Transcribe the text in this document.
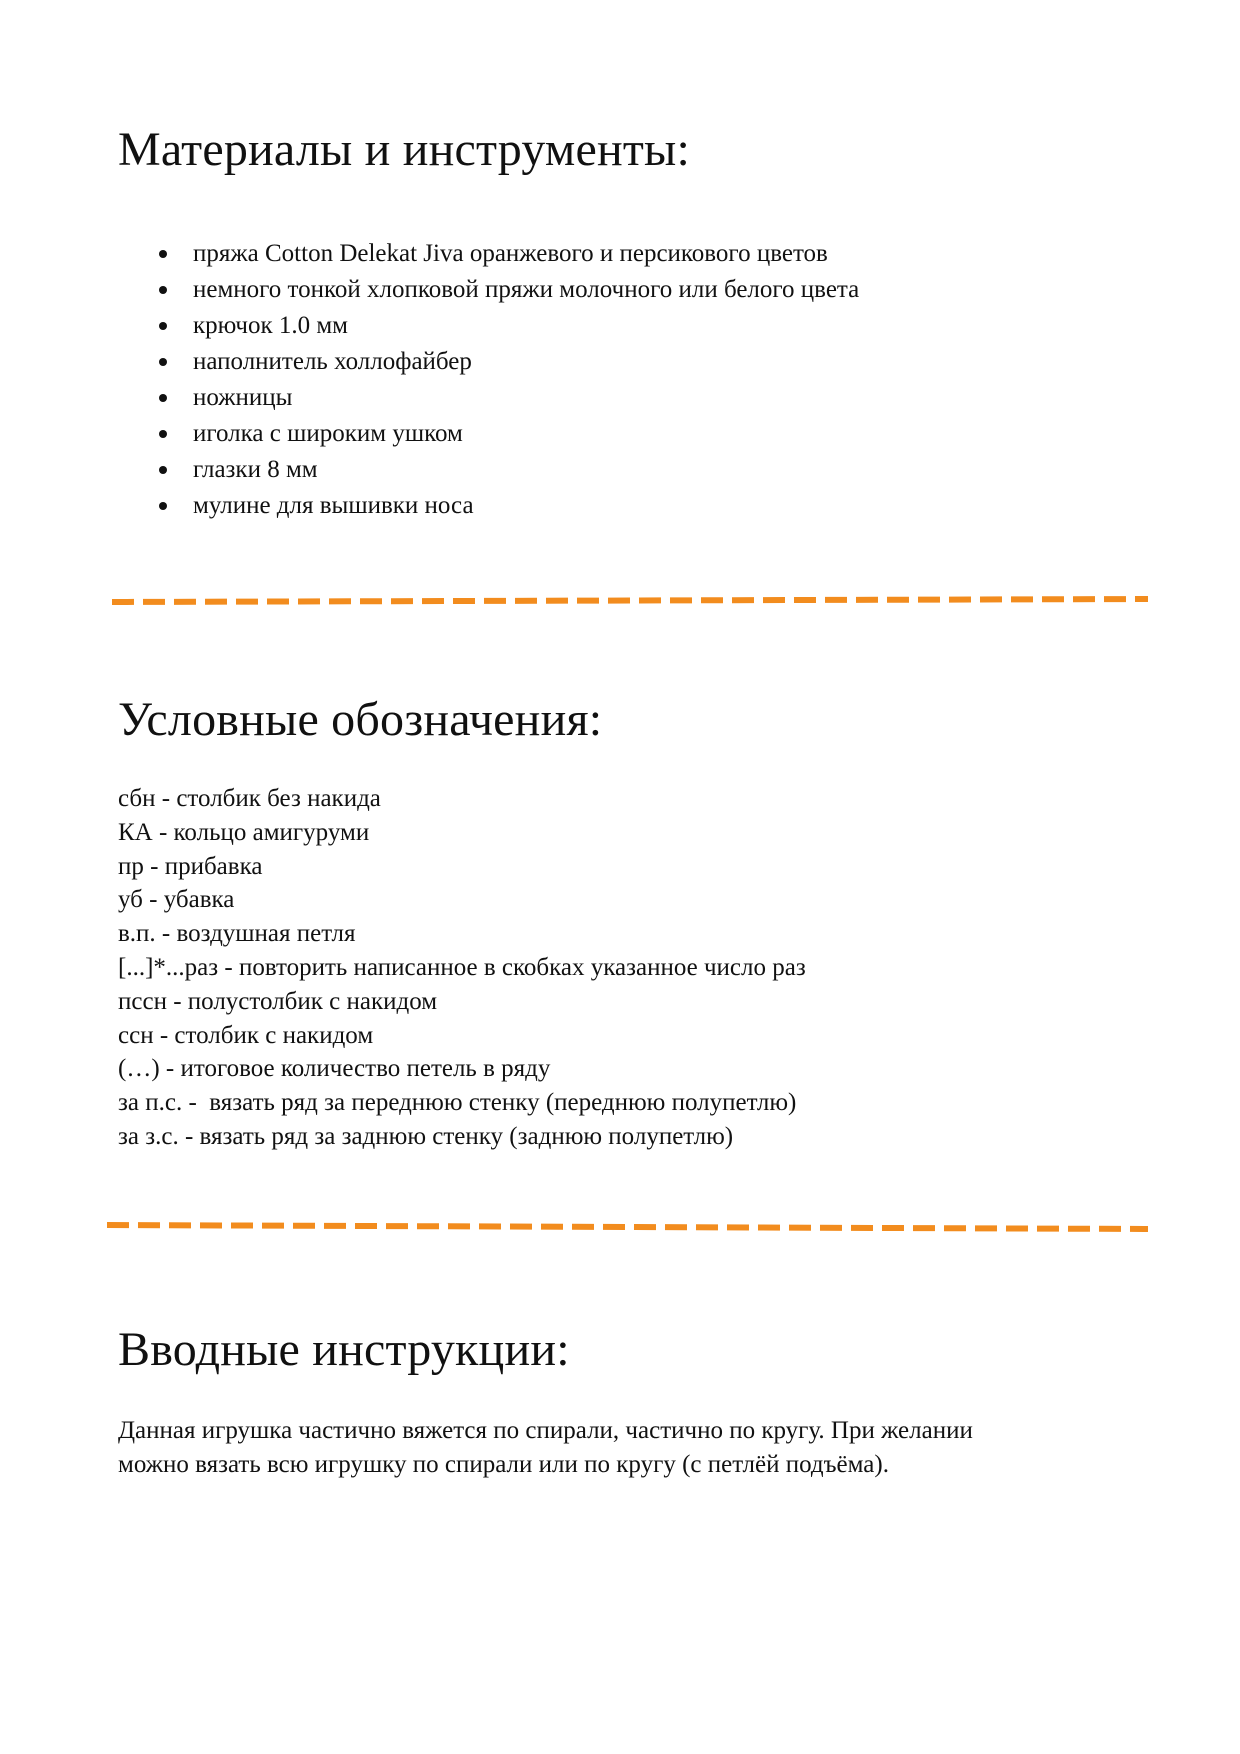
Материалы и инструменты:
пряжа Cotton Delekat Jiva оранжевого и персикового цветов
немного тонкой хлопковой пряжи молочного или белого цвета
крючок 1.0 мм
наполнитель холлофайбер
ножницы
иголка с широким ушком
глазки 8 мм
мулине для вышивки носа
Условные обозначения:
сбн - столбик без накида
КА - кольцо амигуруми
пр - прибавка
уб - убавка
в.п. - воздушная петля
[...]*...раз - повторить написанное в скобках указанное число раз
пссн - полустолбик с накидом
ссн - столбик с накидом
(…) - итоговое количество петель в ряду
за п.с. -  вязать ряд за переднюю стенку (переднюю полупетлю)
за з.с. - вязать ряд за заднюю стенку (заднюю полупетлю)
Вводные инструкции:

Данная игрушка частично вяжется по спирали, частично по кругу. При желании
можно вязать всю игрушку по спирали или по кругу (с петлёй подъёма).
